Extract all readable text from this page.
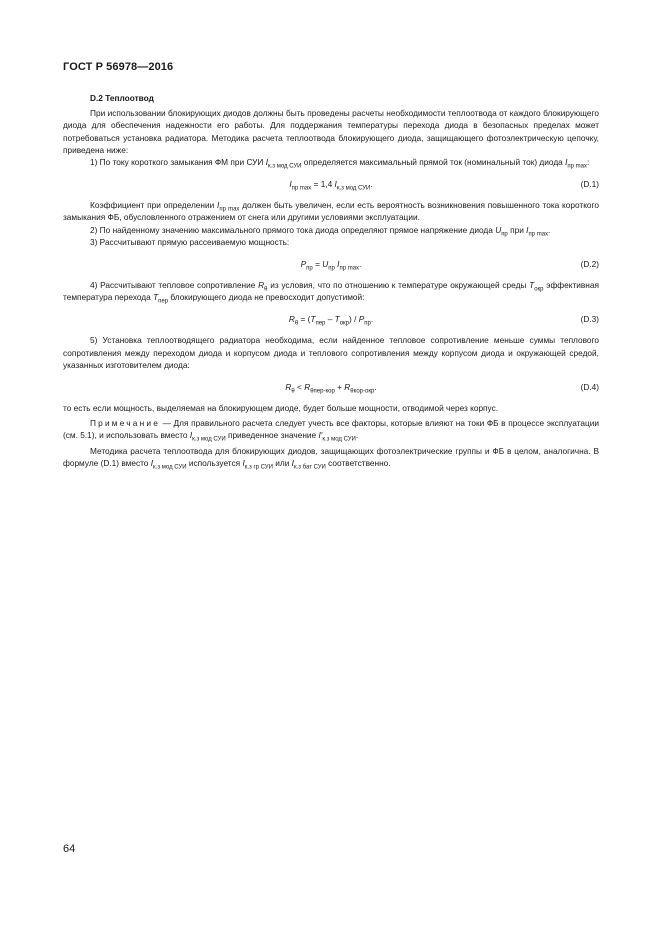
ГОСТ Р 56978—2016
D.2 Теплоотвод

При использовании блокирующих диодов должны быть проведены расчеты необходимости теплоотвода от каждого блокирующего диода для обеспечения надежности его работы. Для поддержания температуры перехода диода в безопасных пределах может потребоваться установка радиатора. Методика расчета теплоотвода блокирующего диода, защищающего фотоэлектрическую цепочку, приведена ниже:

1) По току короткого замыкания ФМ при СУИ $I_{к.з мод СУИ}$ определяется максимальный прямой ток (номинальный ток) диода $I_{пр max}$:

$I_{пр max} = 1,4$ $I_{к.з мод СУИ}$.	(D.1)

Коэффициент при определении $I_{пр max}$ должен быть увеличен, если есть вероятность возникновения повышенного тока короткого замыкания ФБ, обусловленного отражением от снега или другими условиями эксплуатации.

2) По найденному значению максимального прямого тока диода определяют прямое напряжение диода $U_{пр}$ при $I_{пр max}$.

3) Рассчитывают прямую рассеиваемую мощность:

$P_{пр} = U_{пр}$ $I_{пр max}$.	(D.2)

4) Рассчитывают тепловое сопротивление $R_\theta$ из условия, что по отношению к температуре окружающей среды $T_{окр}$ эффективная температура перехода $T_{пер}$ блокирующего диода не превосходит допустимой:

$R_\theta = (T_{пер} - T_{окр}) / P_{пр}$.	(D.3)

5) Установка теплоотводящего радиатора необходима, если найденное тепловое сопротивление меньше суммы теплового сопротивления между переходом диода и корпусом диода и теплового сопротивления между корпусом диода и окружающей средой, указанных изготовителем диода:

$R_\theta < R_{\theta пер-кор} + R_{\theta кор-окр}$.	(D.4)

то есть если мощность, выделяемая на блокирующем диоде, будет больше мощности, отводимой через корпус.

Примечание — Для правильного расчета следует учесть все факторы, которые влияют на токи ФБ в процессе эксплуатации (см. 5.1), и использовать вместо $I_{к.з мод СУИ}$ приведенное значение $I'_{к.з мод СУИ}$.

Методика расчета теплоотвода для блокирующих диодов, защищающих фотоэлектрические группы и ФБ в целом, аналогична. В формуле (D.1) вместо $I_{к.з мод СУИ}$ используется $I_{к.з гр СУИ}$ или $I_{к.з бат СУИ}$ соответственно.

64
